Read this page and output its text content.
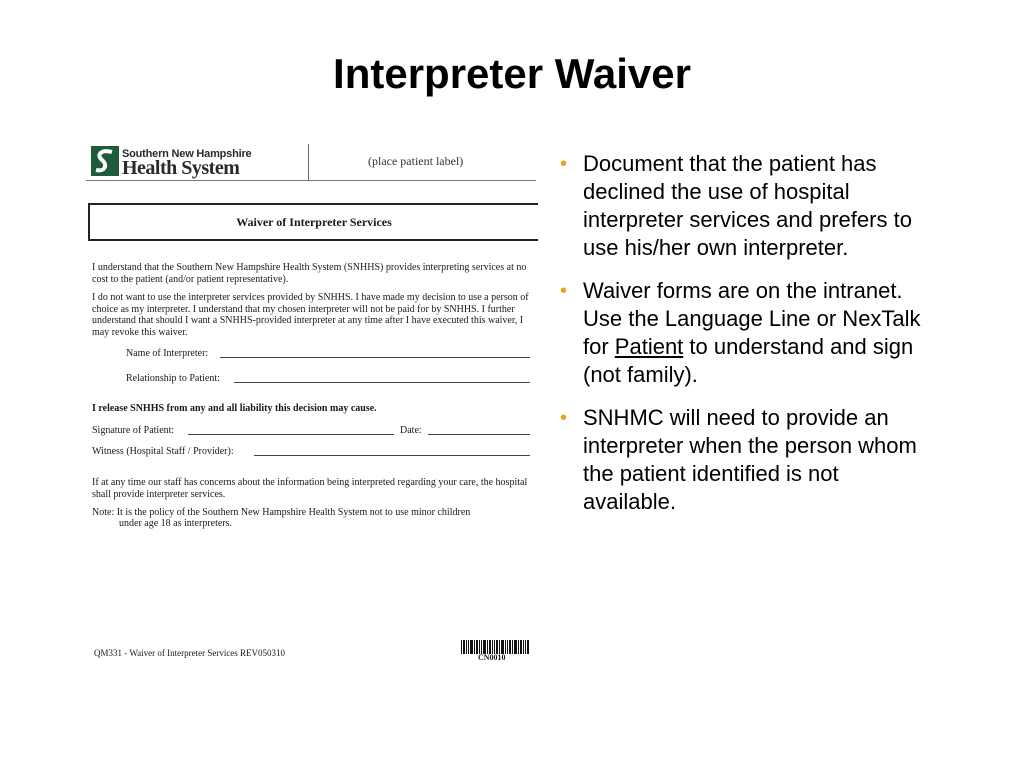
Interpreter Waiver
Southern New Hampshire
Health System	(place patient label)
Waiver of Interpreter Services
I understand that the Southern New Hampshire Health System (SNHHS) provides interpreting services at no cost to the patient (and/or patient representative).
I do not want to use the interpreter services provided by SNHHS. I have made my decision to use a person of choice as my interpreter. I understand that my chosen interpreter will not be paid for by SNHHS. I further understand that should I want a SNHHS-provided interpreter at any time after I have executed this waiver, I may revoke this waiver.
Name of Interpreter:
Relationship to Patient:
I release SNHHS from any and all liability this decision may cause.
Signature of Patient:	Date:
Witness (Hospital Staff / Provider):
If at any time our staff has concerns about the information being interpreted regarding your care, the hospital shall provide interpreter services.
Note: It is the policy of the Southern New Hampshire Health System not to use minor children
under age 18 as interpreters.
QM331 - Waiver of Interpreter Services REV050310	CN0010
• Document that the patient has declined the use of hospital interpreter services and prefers to use his/her own interpreter.
• Waiver forms are on the intranet. Use the Language Line or NexTalk for Patient to understand and sign (not family).
• SNHMC will need to provide an interpreter when the person whom the patient identified is not available.
